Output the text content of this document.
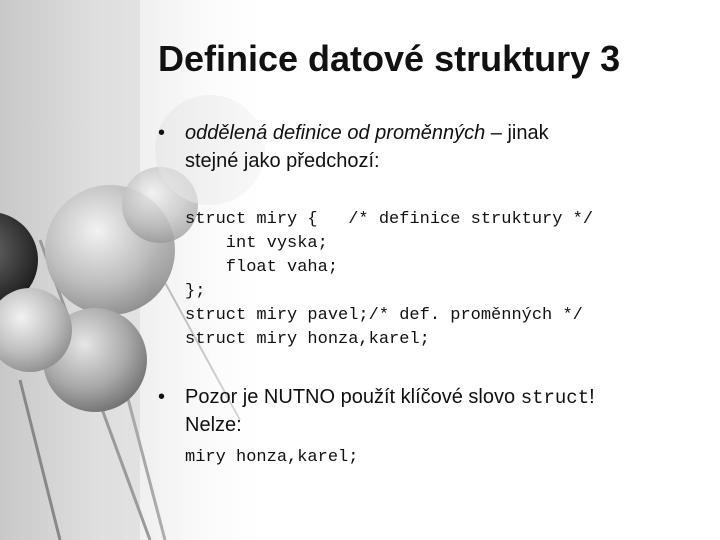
Definice datové struktury 3
• oddělená definice od proměnných – jinak
stejné jako předchozí:
struct miry {   /* definice struktury */
int vyska;
float vaha;
};
struct miry pavel;/* def. proměnných */
struct miry honza,karel;
• Pozor je NUTNO použít klíčové slovo struct!
Nelze:
miry honza,karel;
